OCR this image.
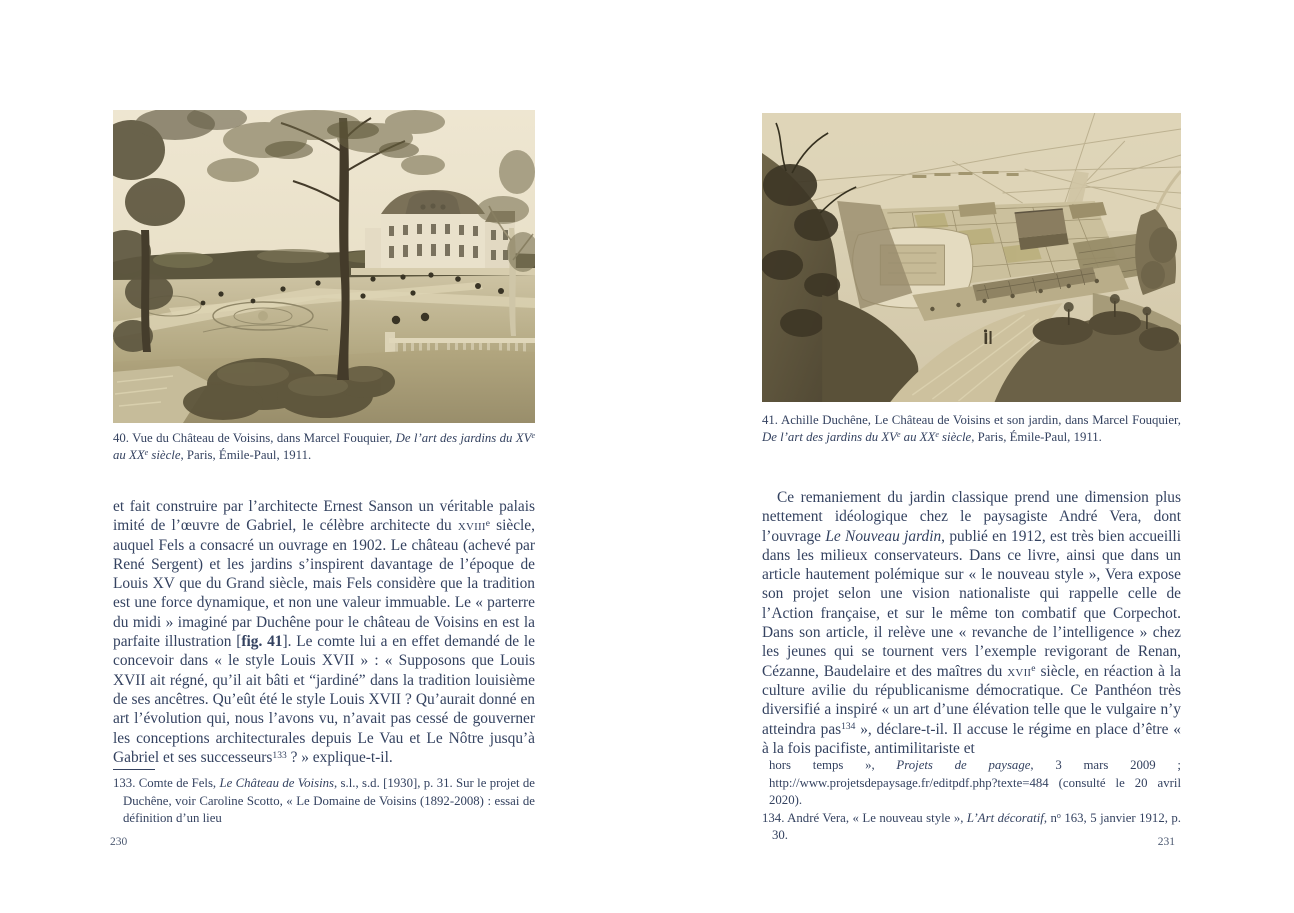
40. Vue du Château de Voisins, dans Marcel Fouquier, De l’art des jardins du XVe au XXe siècle, Paris, Émile-Paul, 1911.

et fait construire par l’architecte Ernest Sanson un véritable palais imité de l’œuvre de Gabriel, le célèbre architecte du xviii$^e$ siècle, auquel Fels a consacré un ouvrage en 1902. Le château (achevé par René Sergent) et les jardins s’inspirent davantage de l’époque de Louis XV que du Grand siècle, mais Fels considère que la tradition est une force dynamique, et non une valeur immuable. Le « parterre du midi » imaginé par Duchêne pour le château de Voisins en est la parfaite illustration [fig. 41]. Le comte lui a en effet demandé de le concevoir dans « le style Louis XVII » : « Supposons que Louis XVII ait régné, qu’il ait bâti et “jardiné” dans la tradition louisième de ses ancêtres. Qu’eût été le style Louis XVII ? Qu’aurait donné en art l’évolution qui, nous l’avons vu, n’avait pas cessé de gouverner les conceptions architecturales depuis Le Vau et Le Nôtre jusqu’à Gabriel et ses successeurs$^{133}$ ? » explique-t-il.

133. Comte de Fels, Le Château de Voisins, s.l., s.d. [1930], p. 31. Sur le projet de Duchêne, voir Caroline Scotto, « Le Domaine de Voisins (1892-2008) : essai de définition d’un lieu

230

41. Achille Duchêne, Le Château de Voisins et son jardin, dans Marcel Fouquier, De l’art des jardins du XVe au XXe siècle, Paris, Émile-Paul, 1911.

Ce remaniement du jardin classique prend une dimension plus nettement idéologique chez le paysagiste André Vera, dont l’ouvrage Le Nouveau jardin, publié en 1912, est très bien accueilli dans les milieux conservateurs. Dans ce livre, ainsi que dans un article hautement polémique sur « le nouveau style », Vera expose son projet selon une vision nationaliste qui rappelle celle de l’Action française, et sur le même ton combatif que Corpechot. Dans son article, il relève une « revanche de l’intelligence » chez les jeunes qui se tournent vers l’exemple revigorant de Renan, Cézanne, Baudelaire et des maîtres du xvii$^e$ siècle, en réaction à la culture avilie du républicanisme démocratique. Ce Panthéon très diversifié a inspiré « un art d’une élévation telle que le vulgaire n’y atteindra pas$^{134}$ », déclare-t-il. Il accuse le régime en place d’être « à la fois pacifiste, antimilitariste et

hors temps », Projets de paysage, 3 mars 2009 ; http://www.projetsdepaysage.fr/editpdf.php?texte=484 (consulté le 20 avril 2020).

134. André Vera, « Le nouveau style », L’Art décoratif, $n^o$ 163, 5 janvier 1912, p. 30.	231
